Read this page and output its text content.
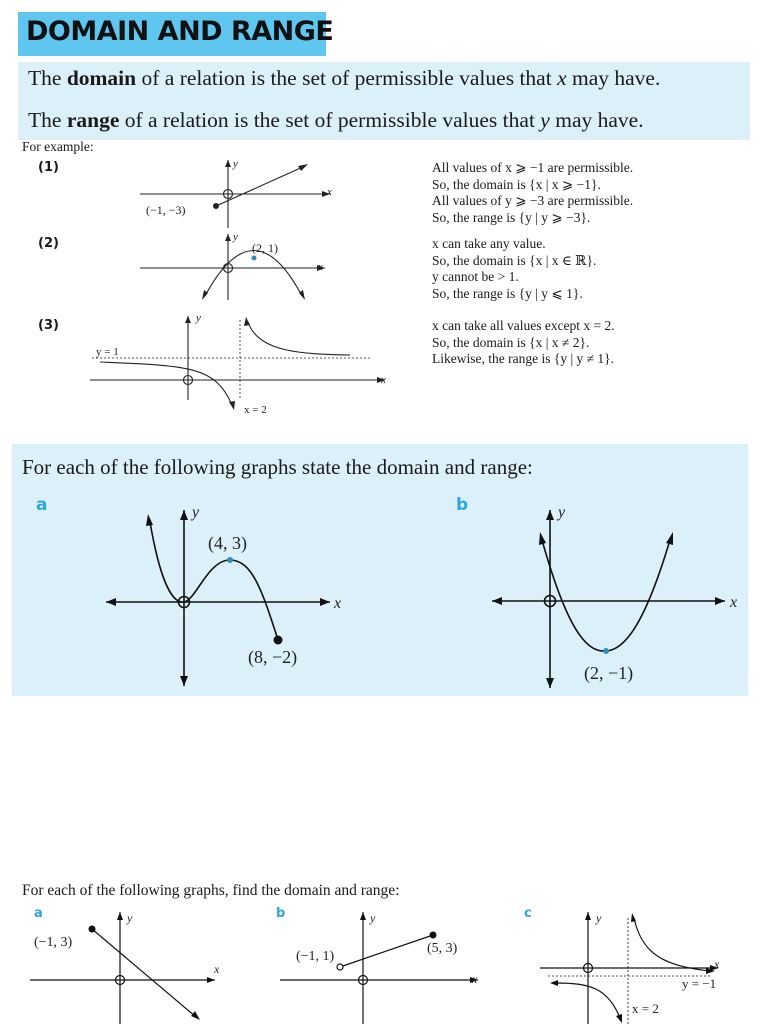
DOMAIN AND RANGE
The domain of a relation is the set of permissible values that x may have.
The range of a relation is the set of permissible values that y may have.
For example:
(1)
(2)
(3)
y
x
(−1, −3)
y
x
(2, 1)
y
x
y = 1
x = 2
All values of x ⩾ −1 are permissible.
So, the domain is {x | x ⩾ −1}.
All values of y ⩾ −3 are permissible.
So, the range is {y | y ⩾ −3}.
x can take any value.
So, the domain is {x | x ∈ ℝ}.
y cannot be > 1.
So, the range is {y | y ⩽ 1}.
x can take all values except x = 2.
So, the domain is {x | x ≠ 2}.
Likewise, the range is {y | y ≠ 1}.
For each of the following graphs state the domain and range:
a	b
y
x
(4, 3)
(8, −2)
y
x
(2, −1)
For each of the following graphs, find the domain and range:
a	b	c
y
x
(−1, 3)
y
x
(−1, 1)
(5, 3)
y
x
y = −1
x = 2
